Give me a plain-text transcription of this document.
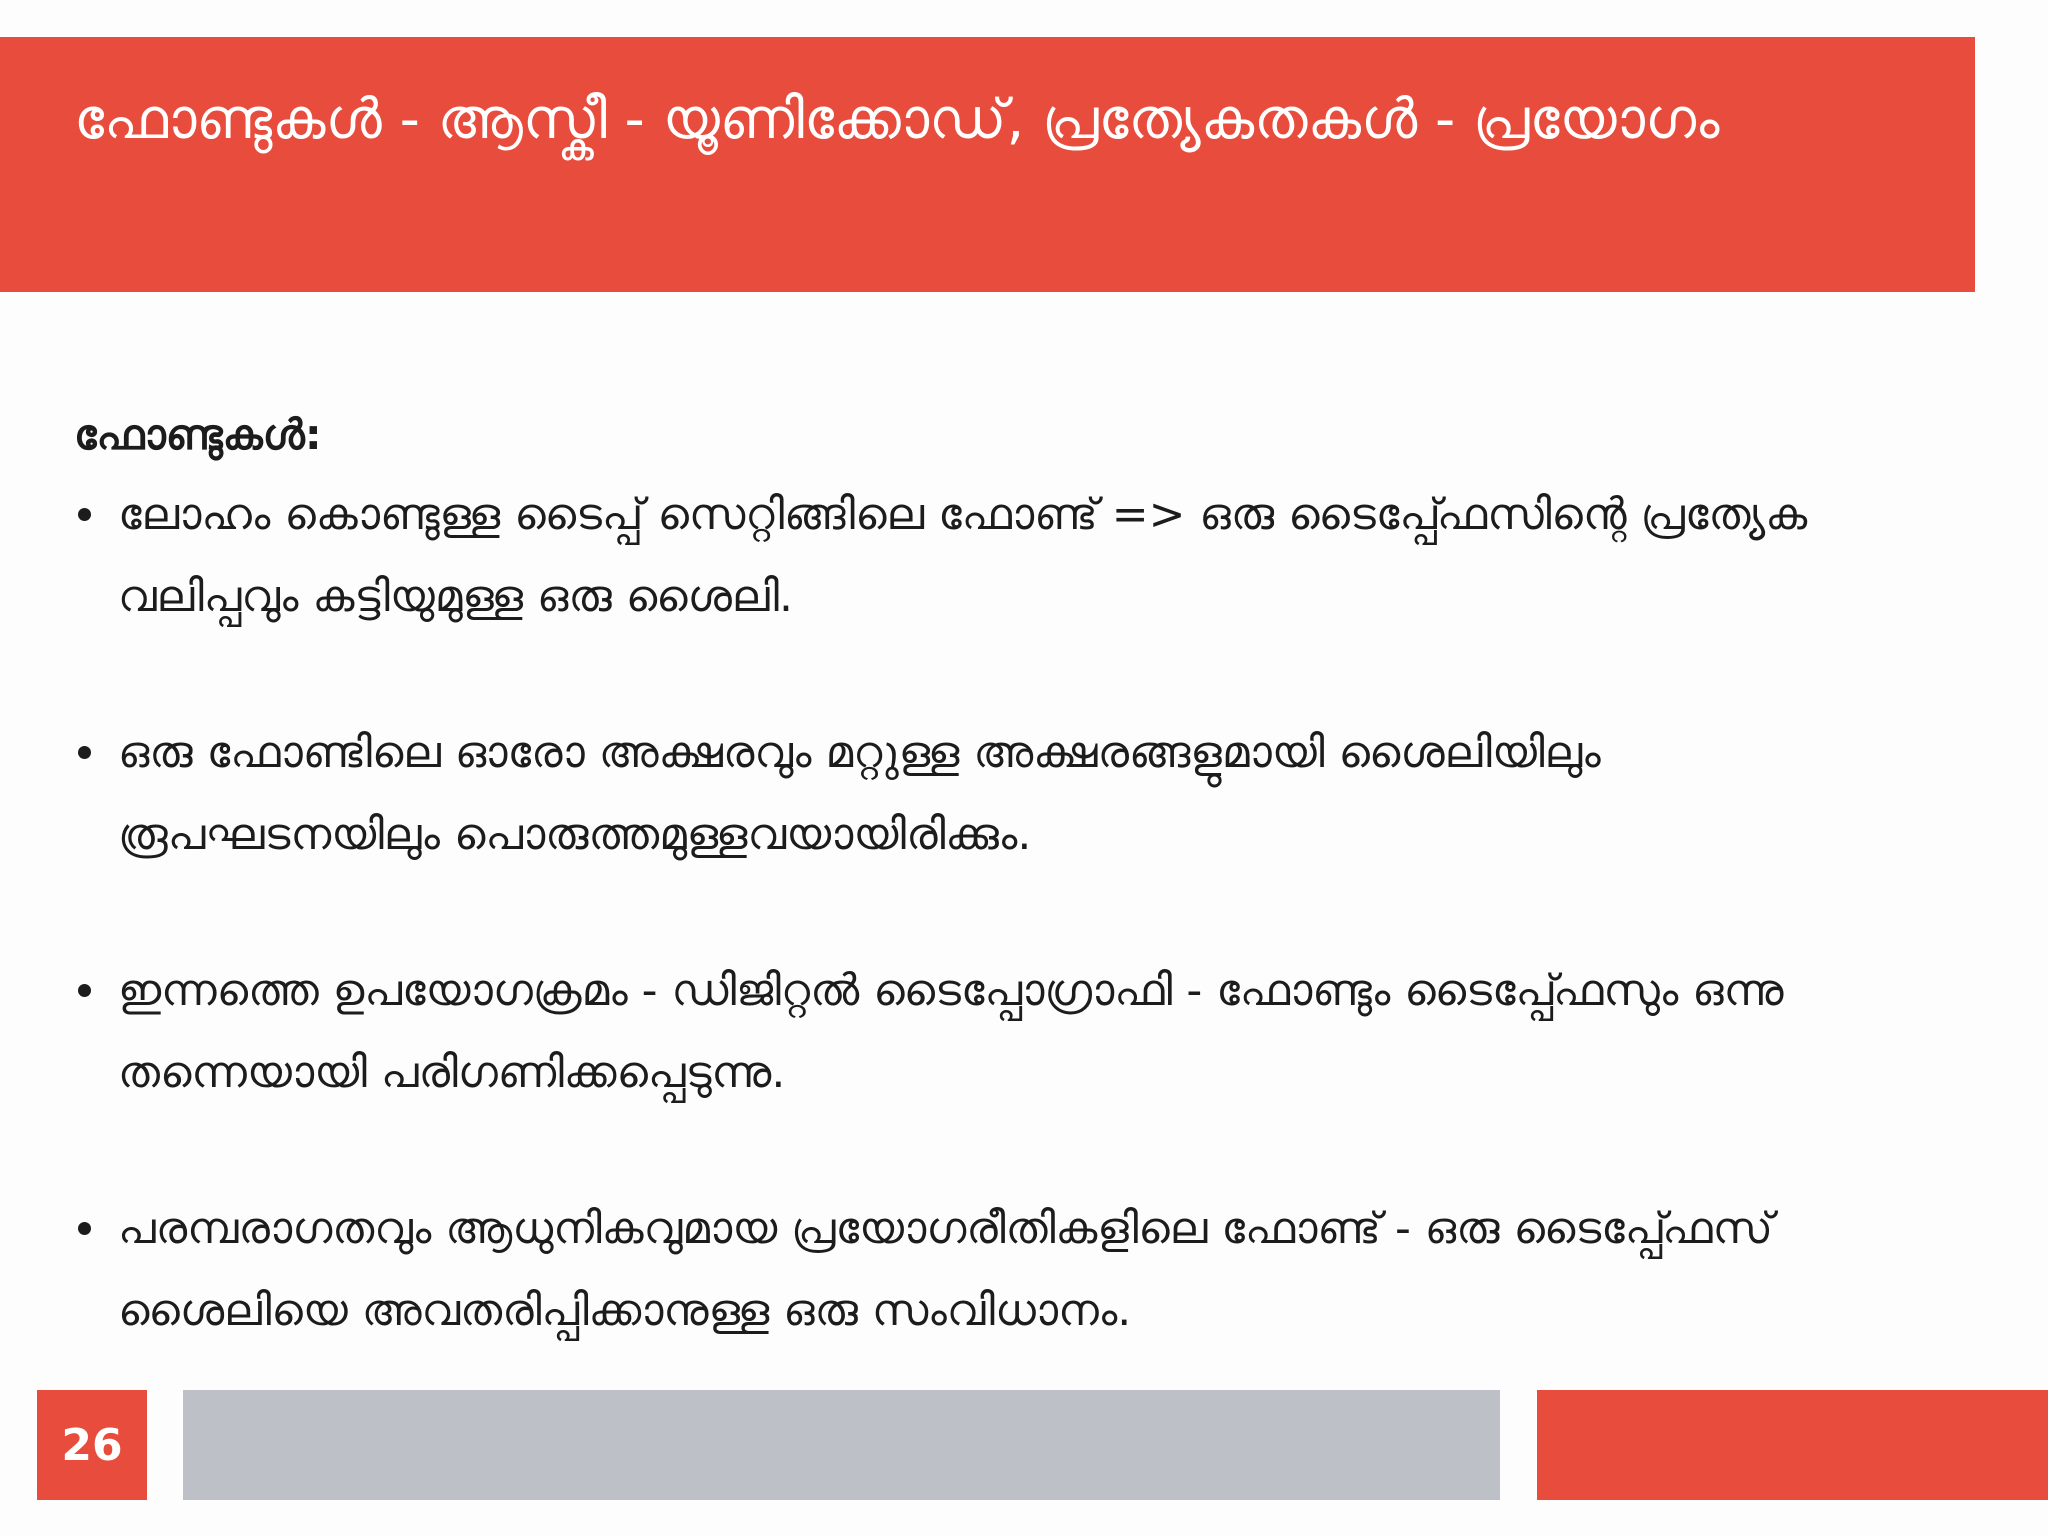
ഫോണ്ടുകൾ - ആസ്കീ - യൂണിക്കോഡ്, പ്രത്യേകതകൾ - പ്രയോഗം
ഫോണ്ടുകൾ:
ലോഹം കൊണ്ടുള്ള ടൈപ്പ് സെറ്റിങ്ങിലെ ഫോണ്ട് => ഒരു ടൈപ്പ്ഫേസിന്റെ പ്രത്യേക വലിപ്പവും കട്ടിയുമുള്ള ഒരു ശൈലി.
ഒരു ഫോണ്ടിലെ ഓരോ അക്ഷരവും മറ്റുള്ള അക്ഷരങ്ങളുമായി ശൈലിയിലും രൂപഘടനയിലും പൊരുത്തമുള്ളവയായിരിക്കും.
ഇന്നത്തെ ഉപയോഗക്രമം - ഡിജിറ്റൽ ടൈപ്പോഗ്രാഫി - ഫോണ്ടും ടൈപ്പ്ഫേസും ഒന്നു തന്നെയായി പരിഗണിക്കപ്പെടുന്നു.
പരമ്പരാഗതവും ആധുനികവുമായ പ്രയോഗരീതികളിലെ ഫോണ്ട് - ഒരു ടൈപ്പ്ഫേസ് ശൈലിയെ അവതരിപ്പിക്കാനുള്ള ഒരു സംവിധാനം.
26
